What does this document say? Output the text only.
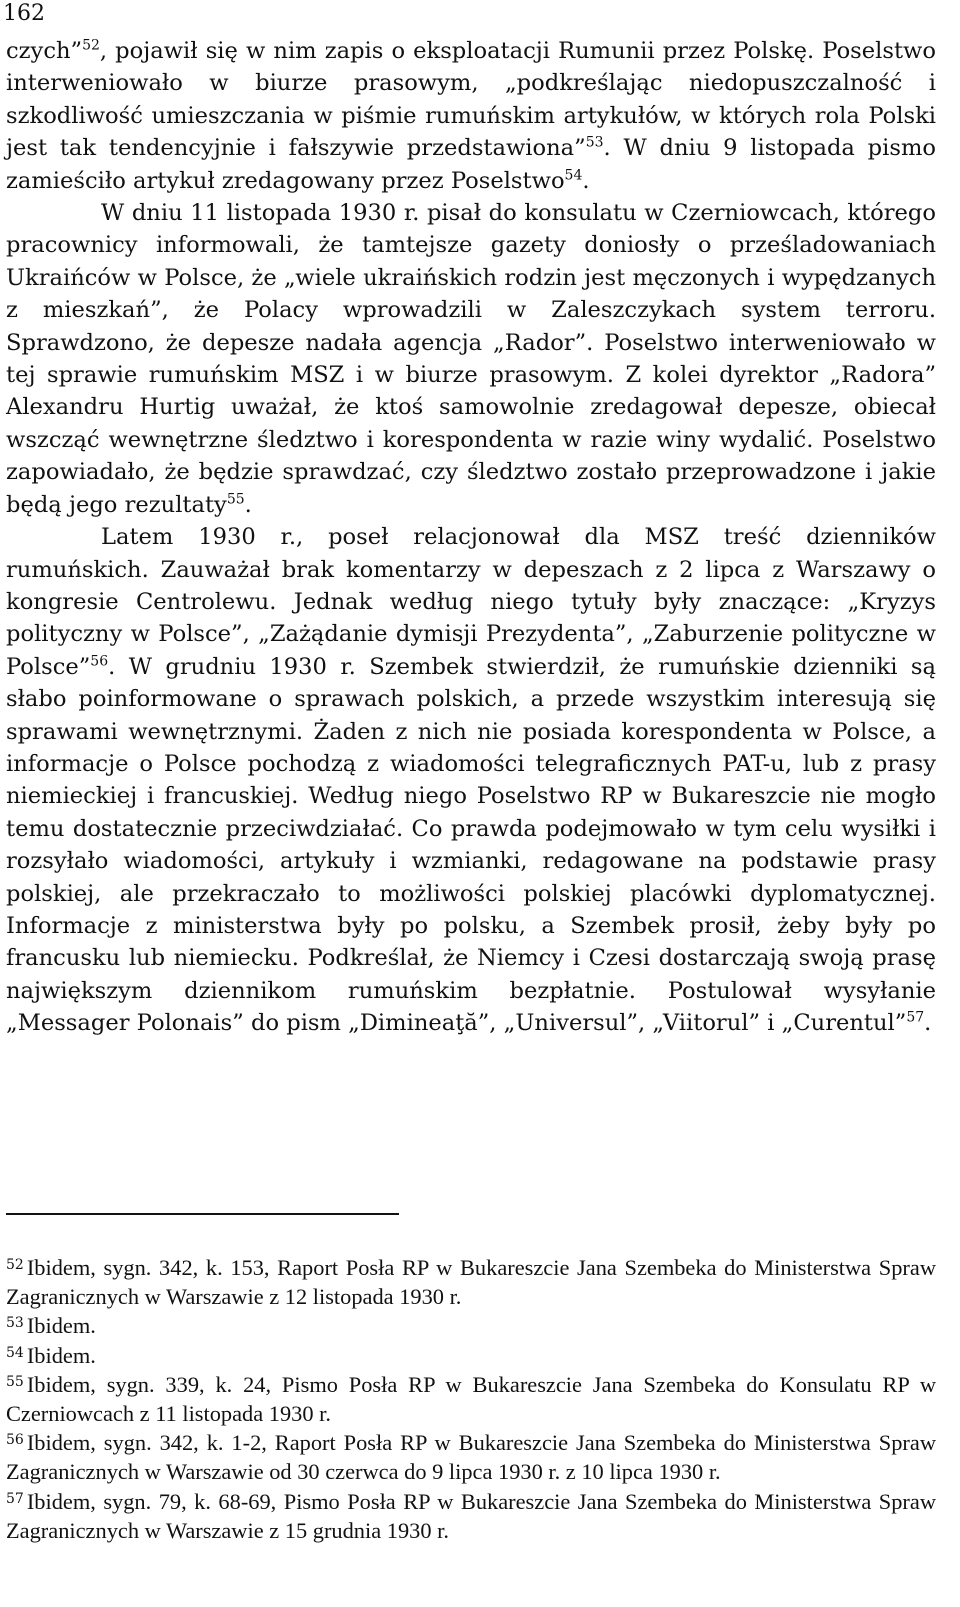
162

czych”$^{52}$, pojawił się w nim zapis o eksploatacji Rumunii przez Polskę. Poselstwo interweniowało w biurze prasowym, „podkreślając niedopuszczalność i szkodliwość umieszczania w piśmie rumuńskim artykułów, w których rola Polski jest tak tendencyjnie i fałszywie przedstawiona”$^{53}$. W dniu 9 listopada pismo zamieściło artykuł zredagowany przez Poselstwo$^{54}$.

W dniu 11 listopada 1930 r. pisał do konsulatu w Czerniowcach, którego pracownicy informowali, że tamtejsze gazety doniosły o prześladowaniach Ukraińców w Polsce, że „wiele ukraińskich rodzin jest męczonych i wypędzanych z mieszkań”, że Polacy wprowadzili w Zaleszczykach system terroru. Sprawdzono, że depesze nadała agencja „Rador”. Poselstwo interweniowało w tej sprawie rumuńskim MSZ i w biurze prasowym. Z kolei dyrektor „Radora” Alexandru Hurtig uważał, że ktoś samowolnie zredagował depesze, obiecał wszcząć wewnętrzne śledztwo i korespondenta w razie winy wydalić. Poselstwo zapowiadało, że będzie sprawdzać, czy śledztwo zostało przeprowadzone i jakie będą jego rezultaty$^{55}$.

Latem 1930 r., poseł relacjonował dla MSZ treść dzienników rumuńskich. Zauważał brak komentarzy w depeszach z 2 lipca z Warszawy o kongresie Centrolewu. Jednak według niego tytuły były znaczące: „Kryzys polityczny w Polsce”, „Zażądanie dymisji Prezydenta”, „Zaburzenie polityczne w Polsce”$^{56}$. W grudniu 1930 r. Szembek stwierdził, że rumuńskie dzienniki są słabo poinformowane o sprawach polskich, a przede wszystkim interesują się sprawami wewnętrznymi. Żaden z nich nie posiada korespondenta w Polsce, a informacje o Polsce pochodzą z wiadomości telegraficznych PAT-u, lub z prasy niemieckiej i francuskiej. Według niego Poselstwo RP w Bukareszcie nie mogło temu dostatecznie przeciwdziałać. Co prawda podejmowało w tym celu wysiłki i rozsyłało wiadomości, artykuły i wzmianki, redagowane na podstawie prasy polskiej, ale przekraczało to możliwości polskiej placówki dyplomatycznej. Informacje z ministerstwa były po polsku, a Szembek prosił, żeby były po francusku lub niemiecku. Podkreślał, że Niemcy i Czesi dostarczają swoją prasę największym dziennikom rumuńskim bezpłatnie. Postulował wysyłanie „Messager Polonais” do pism „Dimineaţă”, „Universul”, „Viitorul” i „Curentul”$^{57}$.

$^{52}$ Ibidem, sygn. 342, k. 153, Raport Posła RP w Bukareszcie Jana Szembeka do Ministerstwa Spraw Zagranicznych w Warszawie z 12 listopada 1930 r.

$^{53}$ Ibidem.

$^{54}$ Ibidem.

$^{55}$ Ibidem, sygn. 339, k. 24, Pismo Posła RP w Bukareszcie Jana Szembeka do Konsulatu RP w Czerniowcach z 11 listopada 1930 r.

$^{56}$ Ibidem, sygn. 342, k. 1-2, Raport Posła RP w Bukareszcie Jana Szembeka do Ministerstwa Spraw Zagranicznych w Warszawie od 30 czerwca do 9 lipca 1930 r. z 10 lipca 1930 r.

$^{57}$ Ibidem, sygn. 79, k. 68-69, Pismo Posła RP w Bukareszcie Jana Szembeka do Ministerstwa Spraw Zagranicznych w Warszawie z 15 grudnia 1930 r.
